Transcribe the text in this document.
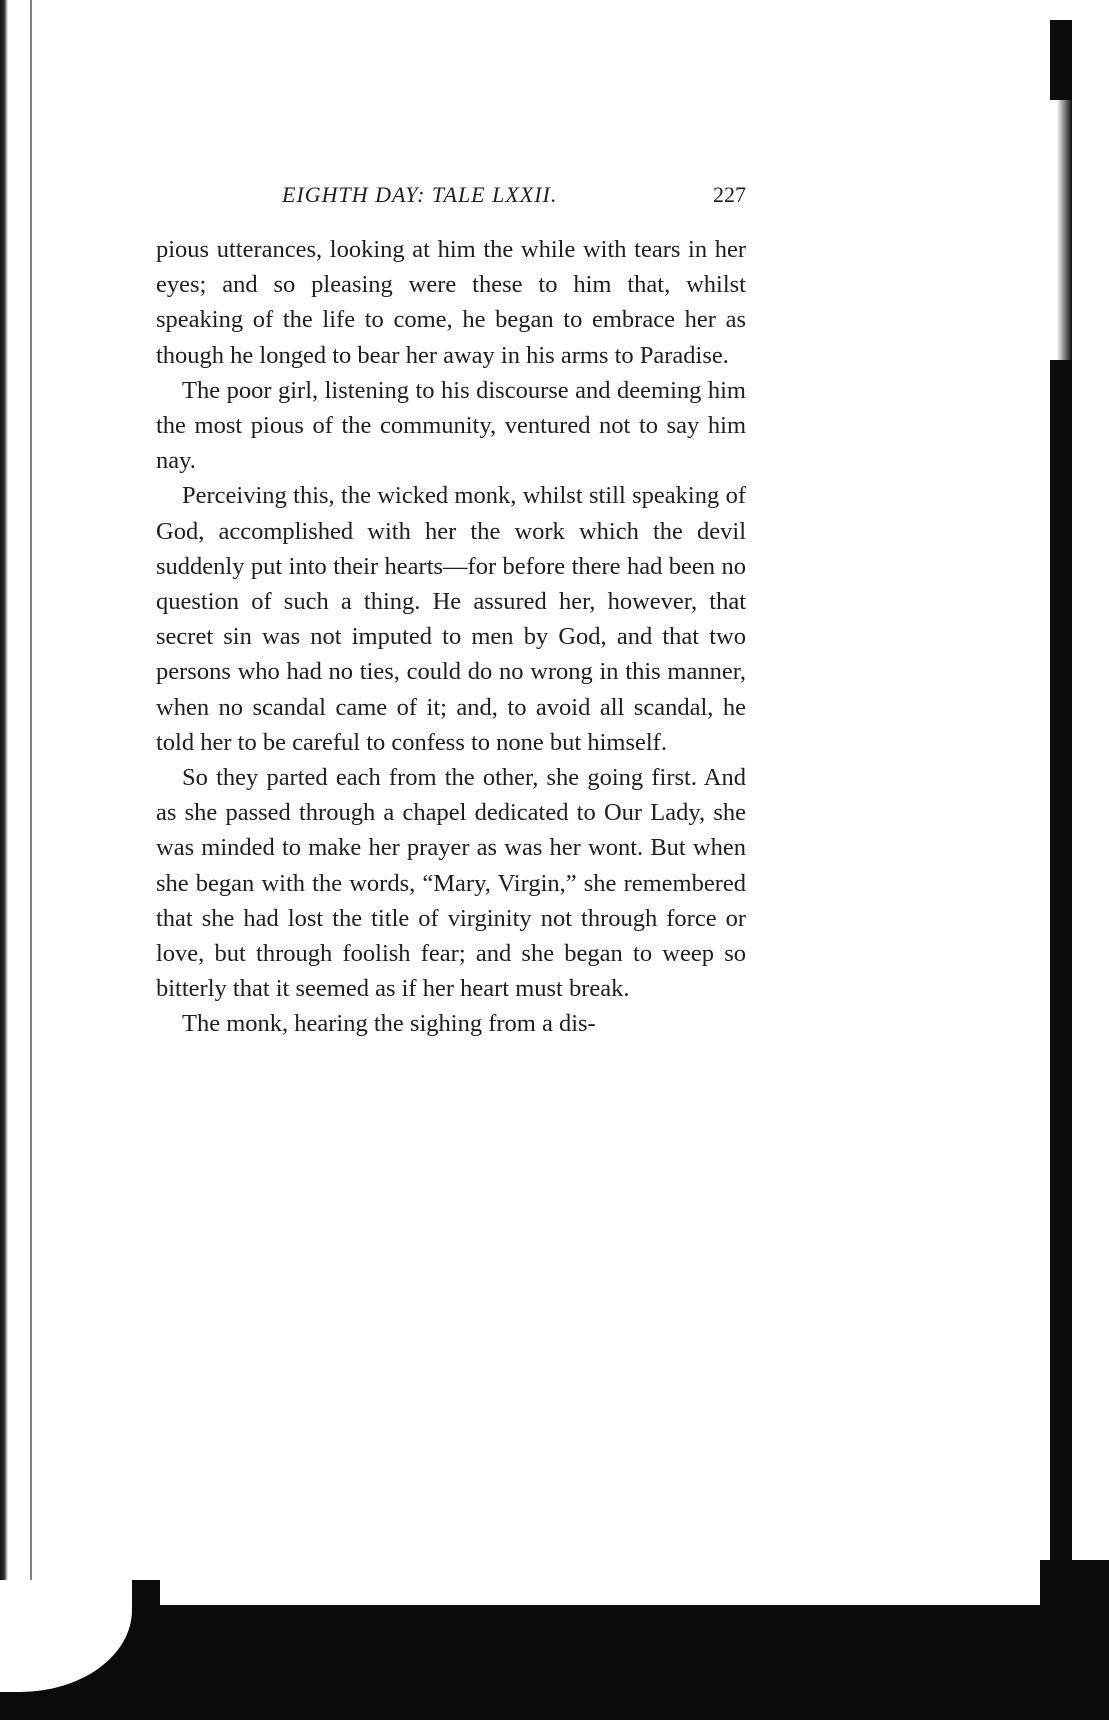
EIGHTH DAY: TALE LXXII.	227

pious utterances, looking at him the while with tears in her eyes; and so pleasing were these to him that, whilst speaking of the life to come, he began to embrace her as though he longed to bear her away in his arms to Paradise.

The poor girl, listening to his discourse and deeming him the most pious of the community, ventured not to say him nay.

Perceiving this, the wicked monk, whilst still speaking of God, accomplished with her the work which the devil suddenly put into their hearts—for before there had been no question of such a thing. He assured her, however, that secret sin was not imputed to men by God, and that two persons who had no ties, could do no wrong in this manner, when no scandal came of it; and, to avoid all scandal, he told her to be careful to confess to none but himself.

So they parted each from the other, she going first. And as she passed through a chapel dedicated to Our Lady, she was minded to make her prayer as was her wont. But when she began with the words, “Mary, Virgin,” she remembered that she had lost the title of virginity not through force or love, but through foolish fear; and she began to weep so bitterly that it seemed as if her heart must break.

The monk, hearing the sighing from a dis-
